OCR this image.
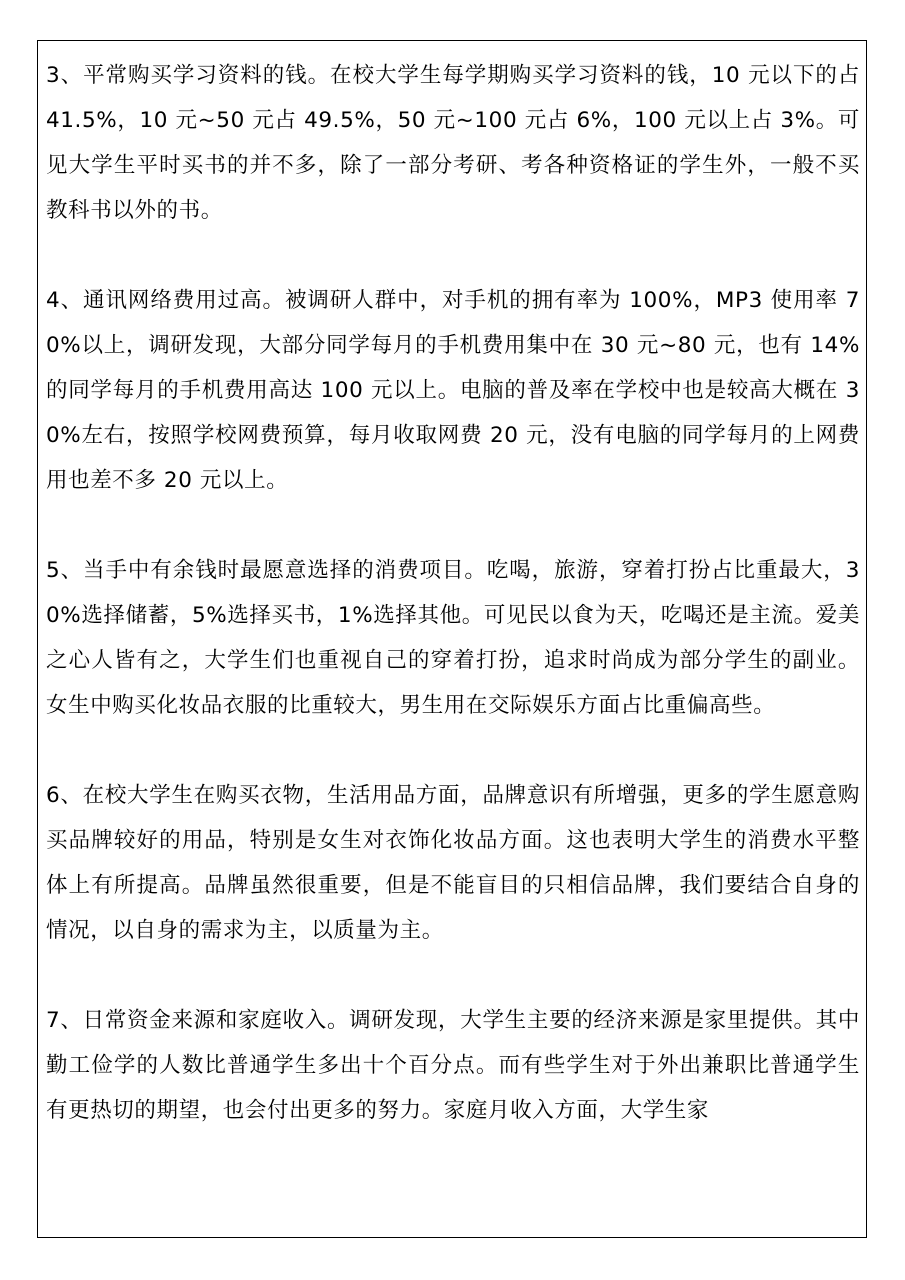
3、平常购买学习资料的钱。在校大学生每学期购买学习资料的钱，10 元以下的占 41.5%，10 元~50 元占 49.5%，50 元~100 元占 6%，100 元以上占 3%。可见大学生平时买书的并不多，除了一部分考研、考各种资格证的学生外，一般不买教科书以外的书。

4、通讯网络费用过高。被调研人群中，对手机的拥有率为 100%，MP3 使用率 70%以上，调研发现，大部分同学每月的手机费用集中在 30 元~80 元，也有 14%的同学每月的手机费用高达 100 元以上。电脑的普及率在学校中也是较高大概在 30%左右，按照学校网费预算，每月收取网费 20 元，没有电脑的同学每月的上网费用也差不多 20 元以上。

5、当手中有余钱时最愿意选择的消费项目。吃喝，旅游，穿着打扮占比重最大，30%选择储蓄，5%选择买书，1%选择其他。可见民以食为天，吃喝还是主流。爱美之心人皆有之，大学生们也重视自己的穿着打扮，追求时尚成为部分学生的副业。女生中购买化妆品衣服的比重较大，男生用在交际娱乐方面占比重偏高些。

6、在校大学生在购买衣物，生活用品方面，品牌意识有所增强，更多的学生愿意购买品牌较好的用品，特别是女生对衣饰化妆品方面。这也表明大学生的消费水平整体上有所提高。品牌虽然很重要，但是不能盲目的只相信品牌，我们要结合自身的情况，以自身的需求为主，以质量为主。

7、日常资金来源和家庭收入。调研发现，大学生主要的经济来源是家里提供。其中勤工俭学的人数比普通学生多出十个百分点。而有些学生对于外出兼职比普通学生有更热切的期望，也会付出更多的努力。家庭月收入方面，大学生家
